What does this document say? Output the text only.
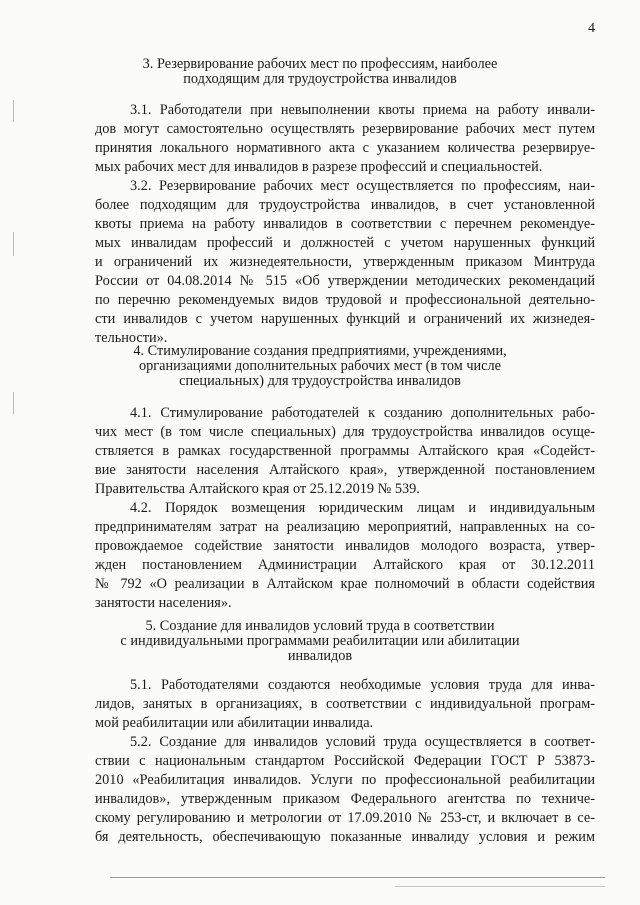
4
3. Резервирование рабочих мест по профессиям, наиболее
подходящим для трудоустройства инвалидов
3.1. Работодатели при невыполнении квоты приема на работу инвали-
дов могут самостоятельно осуществлять резервирование рабочих мест путем
принятия локального нормативного акта с указанием количества резервируе-
мых рабочих мест для инвалидов в разрезе профессий и специальностей.
3.2. Резервирование рабочих мест осуществляется по профессиям, наи-
более подходящим для трудоустройства инвалидов, в счет установленной
квоты приема на работу инвалидов в соответствии с перечнем рекомендуе-
мых инвалидам профессий и должностей с учетом нарушенных функций
и ограничений их жизнедеятельности, утвержденным приказом Минтруда
России от 04.08.2014 № 515 «Об утверждении методических рекомендаций
по перечню рекомендуемых видов трудовой и профессиональной деятельно-
сти инвалидов с учетом нарушенных функций и ограничений их жизнедея-
тельности».
4. Стимулирование создания предприятиями, учреждениями,
организациями дополнительных рабочих мест (в том числе
специальных) для трудоустройства инвалидов
4.1. Стимулирование работодателей к созданию дополнительных рабо-
чих мест (в том числе специальных) для трудоустройства инвалидов осуще-
ствляется в рамках государственной программы Алтайского края «Содейст-
вие занятости населения Алтайского края», утвержденной постановлением
Правительства Алтайского края от 25.12.2019 № 539.
4.2. Порядок возмещения юридическим лицам и индивидуальным
предпринимателям затрат на реализацию мероприятий, направленных на со-
провождаемое содействие занятости инвалидов молодого возраста, утвер-
жден постановлением Администрации Алтайского края от 30.12.2011
№ 792 «О реализации в Алтайском крае полномочий в области содействия
занятости населения».
5. Создание для инвалидов условий труда в соответствии
с индивидуальными программами реабилитации или абилитации
инвалидов
5.1. Работодателями создаются необходимые условия труда для инва-
лидов, занятых в организациях, в соответствии с индивидуальной програм-
мой реабилитации или абилитации инвалида.
5.2. Создание для инвалидов условий труда осуществляется в соответ-
ствии с национальным стандартом Российской Федерации ГОСТ Р 53873-
2010 «Реабилитация инвалидов. Услуги по профессиональной реабилитации
инвалидов», утвержденным приказом Федерального агентства по техниче-
скому регулированию и метрологии от 17.09.2010 № 253-ст, и включает в се-
бя деятельность, обеспечивающую показанные инвалиду условия и режим
